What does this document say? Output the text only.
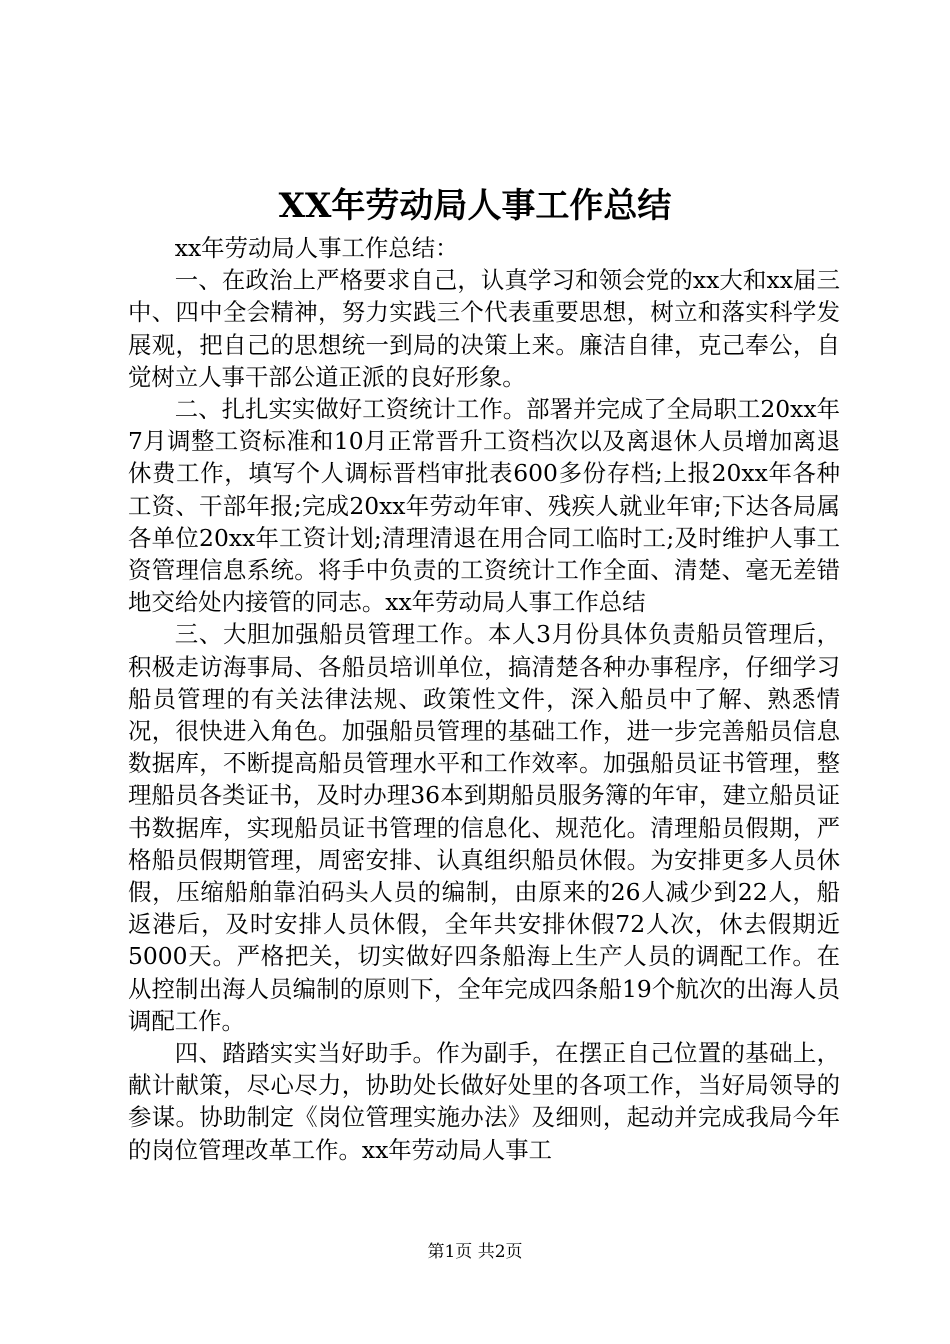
XX年劳动局人事工作总结

xx年劳动局人事工作总结：

一、在政治上严格要求自己，认真学习和领会党的xx大和xx届三中、四中全会精神，努力实践三个代表重要思想，树立和落实科学发展观，把自己的思想统一到局的决策上来。廉洁自律，克己奉公，自觉树立人事干部公道正派的良好形象。

二、扎扎实实做好工资统计工作。部署并完成了全局职工20xx年7月调整工资标准和10月正常晋升工资档次以及离退休人员增加离退休费工作，填写个人调标晋档审批表600多份存档;上报20xx年各种工资、干部年报;完成20xx年劳动年审、残疾人就业年审;下达各局属各单位20xx年工资计划;清理清退在用合同工临时工;及时维护人事工资管理信息系统。将手中负责的工资统计工作全面、清楚、毫无差错地交给处内接管的同志。xx年劳动局人事工作总结

三、大胆加强船员管理工作。本人3月份具体负责船员管理后，积极走访海事局、各船员培训单位，搞清楚各种办事程序，仔细学习船员管理的有关法律法规、政策性文件，深入船员中了解、熟悉情况，很快进入角色。加强船员管理的基础工作，进一步完善船员信息数据库，不断提高船员管理水平和工作效率。加强船员证书管理，整理船员各类证书，及时办理36本到期船员服务簿的年审，建立船员证书数据库，实现船员证书管理的信息化、规范化。清理船员假期，严格船员假期管理，周密安排、认真组织船员休假。为安排更多人员休假，压缩船舶靠泊码头人员的编制，由原来的26人减少到22人，船返港后，及时安排人员休假，全年共安排休假72人次，休去假期近5000天。严格把关，切实做好四条船海上生产人员的调配工作。在从控制出海人员编制的原则下，全年完成四条船19个航次的出海人员调配工作。

四、踏踏实实当好助手。作为副手，在摆正自己位置的基础上，献计献策，尽心尽力，协助处长做好处里的各项工作，当好局领导的参谋。协助制定《岗位管理实施办法》及细则，起动并完成我局今年的岗位管理改革工作。xx年劳动局人事工

第1页 共2页
